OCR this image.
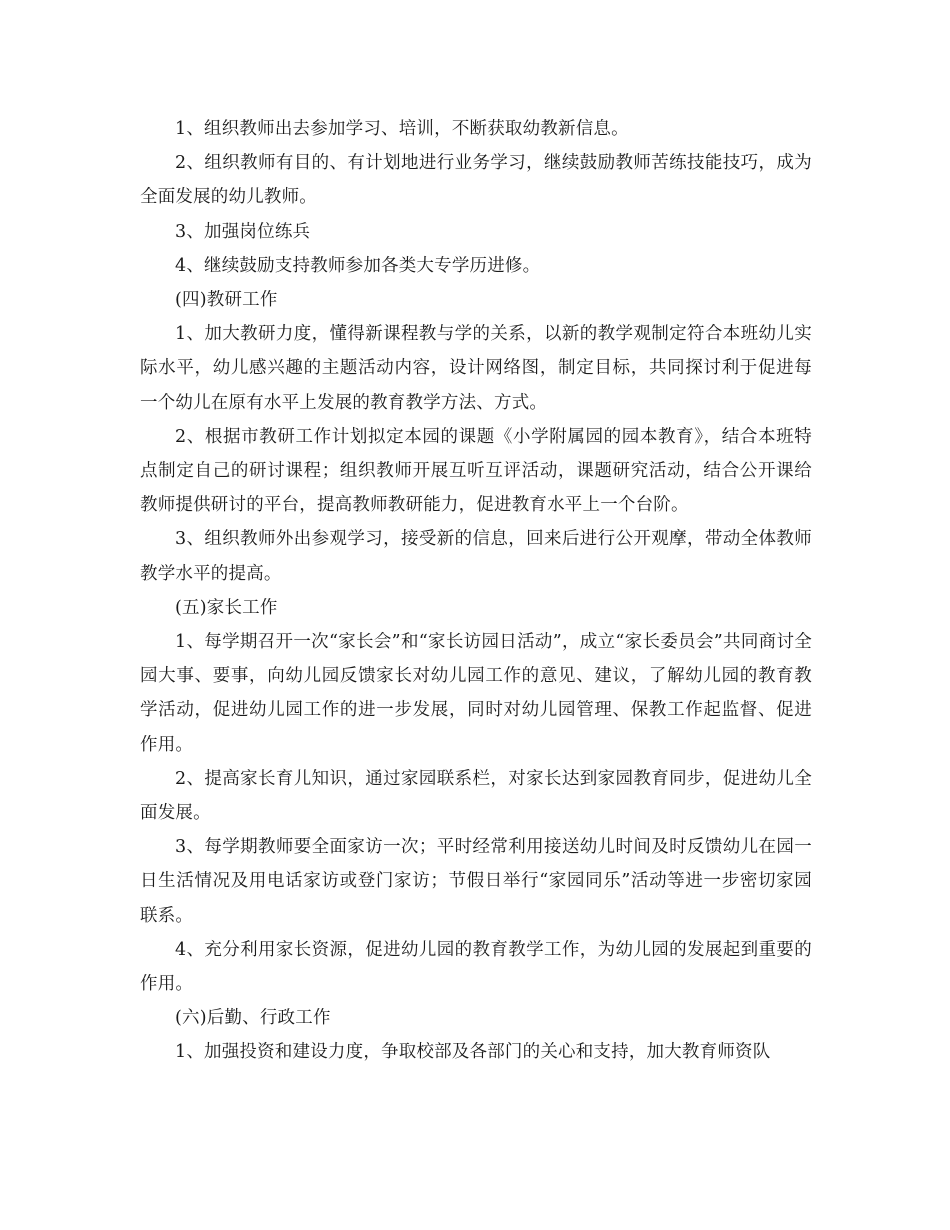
1、组织教师出去参加学习、培训，不断获取幼教新信息。

2、组织教师有目的、有计划地进行业务学习，继续鼓励教师苦练技能技巧，成为全面发展的幼儿教师。

3、加强岗位练兵

4、继续鼓励支持教师参加各类大专学历进修。

(四)教研工作

1、加大教研力度，懂得新课程教与学的关系，以新的教学观制定符合本班幼儿实际水平，幼儿感兴趣的主题活动内容，设计网络图，制定目标，共同探讨利于促进每一个幼儿在原有水平上发展的教育教学方法、方式。

2、根据市教研工作计划拟定本园的课题《小学附属园的园本教育》，结合本班特点制定自己的研讨课程；组织教师开展互听互评活动，课题研究活动，结合公开课给教师提供研讨的平台，提高教师教研能力，促进教育水平上一个台阶。

3、组织教师外出参观学习，接受新的信息，回来后进行公开观摩，带动全体教师教学水平的提高。

(五)家长工作

1、每学期召开一次“家长会”和“家长访园日活动”，成立“家长委员会”共同商讨全园大事、要事，向幼儿园反馈家长对幼儿园工作的意见、建议，了解幼儿园的教育教学活动，促进幼儿园工作的进一步发展，同时对幼儿园管理、保教工作起监督、促进作用。

2、提高家长育儿知识，通过家园联系栏，对家长达到家园教育同步，促进幼儿全面发展。

3、每学期教师要全面家访一次；平时经常利用接送幼儿时间及时反馈幼儿在园一日生活情况及用电话家访或登门家访；节假日举行“家园同乐”活动等进一步密切家园联系。

4、充分利用家长资源，促进幼儿园的教育教学工作，为幼儿园的发展起到重要的作用。

(六)后勤、行政工作

1、加强投资和建设力度，争取校部及各部门的关心和支持，加大教育师资队
